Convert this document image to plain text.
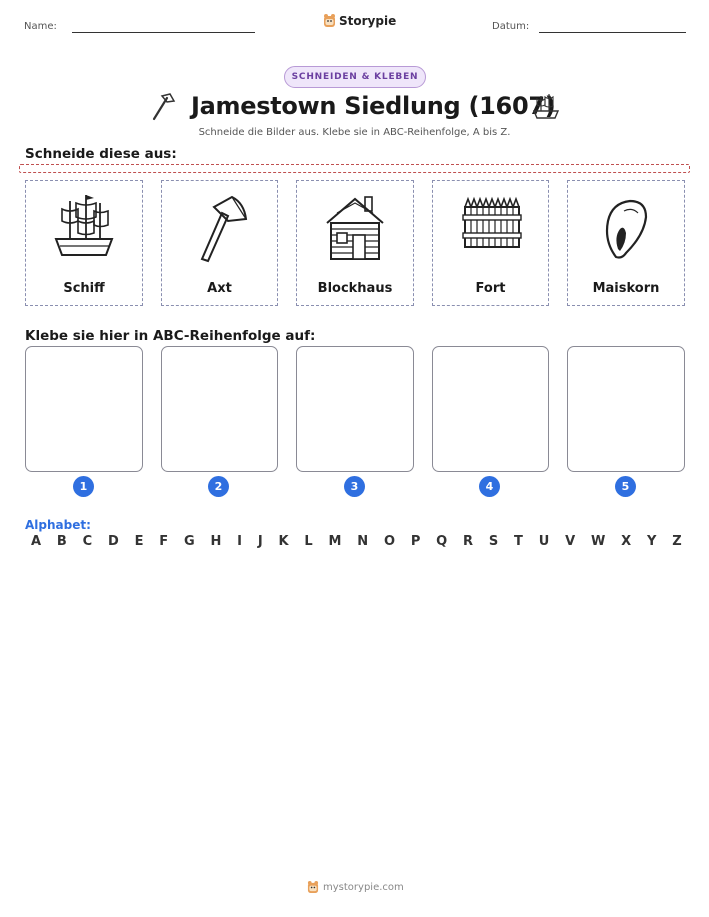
Name:	Storypie	Datum:
SCHNEIDEN & KLEBEN
Jamestown Siedlung (1607)
Schneide die Bilder aus. Klebe sie in ABC-Reihenfolge, A bis Z.
Schneide diese aus:
Schiff	Axt	Blockhaus	Fort	Maiskorn
Klebe sie hier in ABC-Reihenfolge auf:
1	2	3	4	5
Alphabet:
A B C D E F G H I J K L M N O P Q R S T U V W X Y Z
mystorypie.com
